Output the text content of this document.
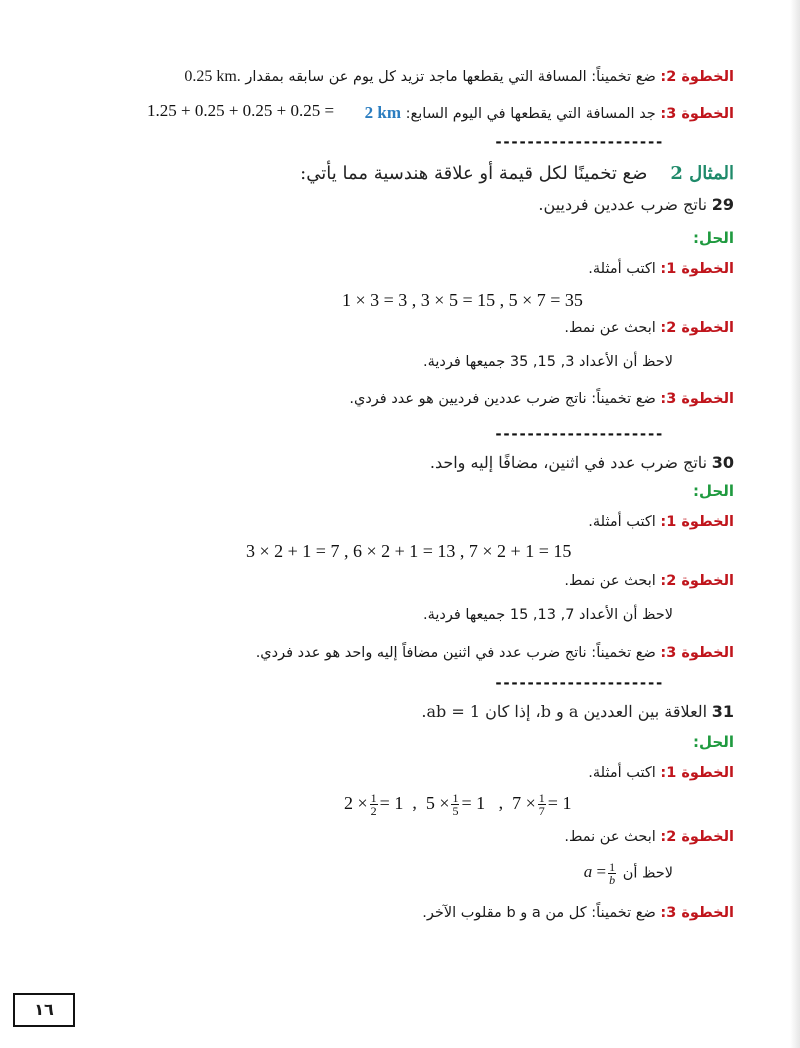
الخطوة 2: ضع تخميناً: المسافة التي يقطعها ماجد تزيد كل يوم عن سابقه بمقدار 0.25 km.
الخطوة 3: جد المسافة التي يقطعها في اليوم السابع: 2 km
1.25 + 0.25 + 0.25 + 0.25 =
---------------------
المثال 2    ضع تخمينًا لكل قيمة أو علاقة هندسية مما يأتي:
29 ناتج ضرب عددين فرديين.
الحل:
الخطوة 1: اكتب أمثلة.
1 × 3 = 3 , 3 × 5 = 15 , 5 × 7 = 35
الخطوة 2: ابحث عن نمط.
لاحظ أن الأعداد 3, 15, 35 جميعها فردية.
الخطوة 3: ضع تخميناً: ناتج ضرب عددين فرديين هو عدد فردي.
---------------------
30 ناتج ضرب عدد في اثنين، مضافًا إليه واحد.
الحل:
الخطوة 1: اكتب أمثلة.
3 × 2 + 1 = 7 , 6 × 2 + 1 = 13 , 7 × 2 + 1 = 15
الخطوة 2: ابحث عن نمط.
لاحظ أن الأعداد 7, 13, 15 جميعها فردية.
الخطوة 3: ضع تخميناً: ناتج ضرب عدد في اثنين مضافاً إليه واحد هو عدد فردي.
---------------------
31 العلاقة بين العددين a و b، إذا كان ab = 1.
الحل:
الخطوة 1: اكتب أمثلة.
$2 \times \frac{1}{2} = 1$  ,  $5 \times \frac{1}{5} = 1$   ,  $7 \times \frac{1}{7} = 1$
الخطوة 2: ابحث عن نمط.
لاحظ أن $a = \frac{1}{b}$
الخطوة 3: ضع تخميناً: كل من a و b مقلوب الآخر.
١٦
